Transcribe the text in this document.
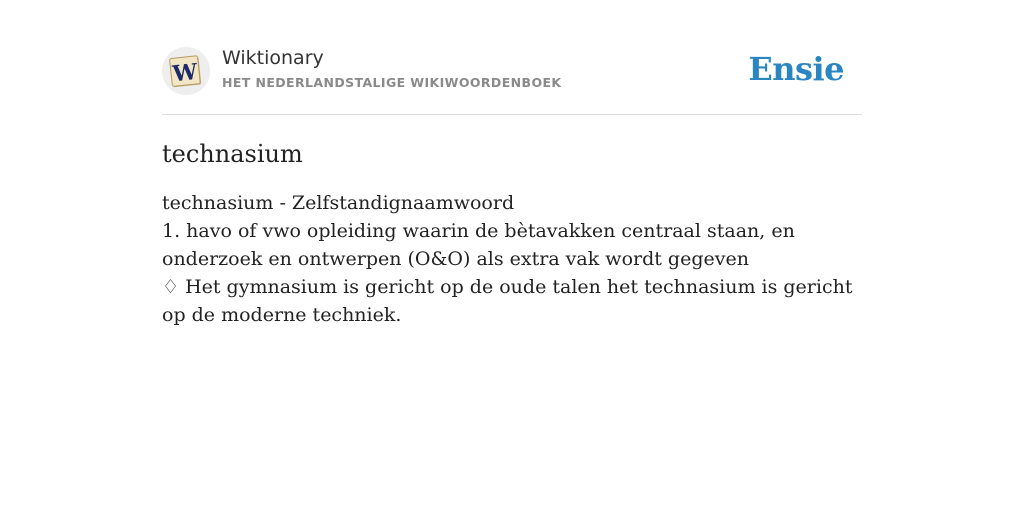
W
Wiktionary
HET NEDERLANDSTALIGE WIKIWOORDENBOEK	Ensie
technasium
technasium - Zelfstandignaamwoord
1. havo of vwo opleiding waarin de bètavakken centraal staan, en onderzoek en ontwerpen (O&O) als extra vak wordt gegeven
♢ Het gymnasium is gericht op de oude talen het technasium is gericht op de moderne techniek.
